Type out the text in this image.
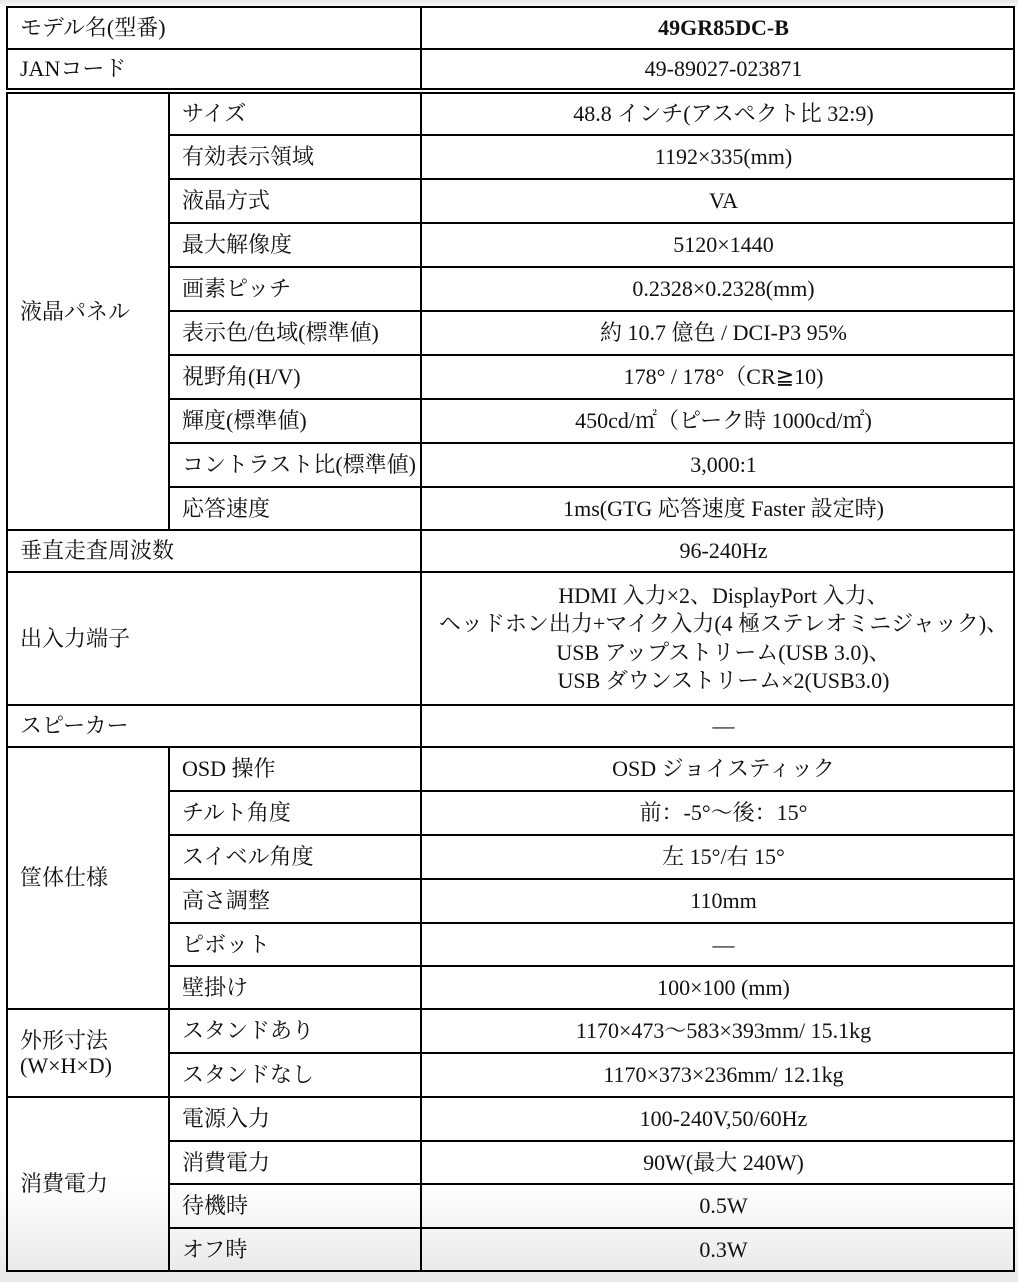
モデル名(型番)		49GR85DC-B
JANコード		49-89027-023871
液晶パネル	サイズ	48.8 インチ(アスペクト比 32:9)
	有効表示領域	1192×335(mm)
	液晶方式	VA
	最大解像度	5120×1440
	画素ピッチ	0.2328×0.2328(mm)
	表示色/色域(標準値)	約 10.7 億色 / DCI-P3 95%
	視野角(H/V)	178° / 178°（CR≧10)
	輝度(標準値)	450cd/㎡（ピーク時 1000cd/㎡)
	コントラスト比(標準値)	3,000:1
	応答速度	1ms(GTG 応答速度 Faster 設定時)
垂直走査周波数		96-240Hz
出入力端子		HDMI 入力×2、DisplayPort 入力、
ヘッドホン出力+マイク入力(4 極ステレオミニジャック)、
USB アップストリーム(USB 3.0)、
USB ダウンストリーム×2(USB3.0)

スピーカー		—
筐体仕様	OSD 操作	OSD ジョイスティック
	チルト角度	前：-5°～後：15°
	スイベル角度	左 15°/右 15°
	高さ調整	110mm
	ピボット	—
	壁掛け	100×100 (mm)

外形寸法
(W×H×D)	スタンドあり	1170×473～583×393mm/ 15.1kg
	スタンドなし	1170×373×236mm/ 12.1kg
消費電力	電源入力	100-240V,50/60Hz
	消費電力	90W(最大 240W)
	待機時	0.5W
	オフ時	0.3W
